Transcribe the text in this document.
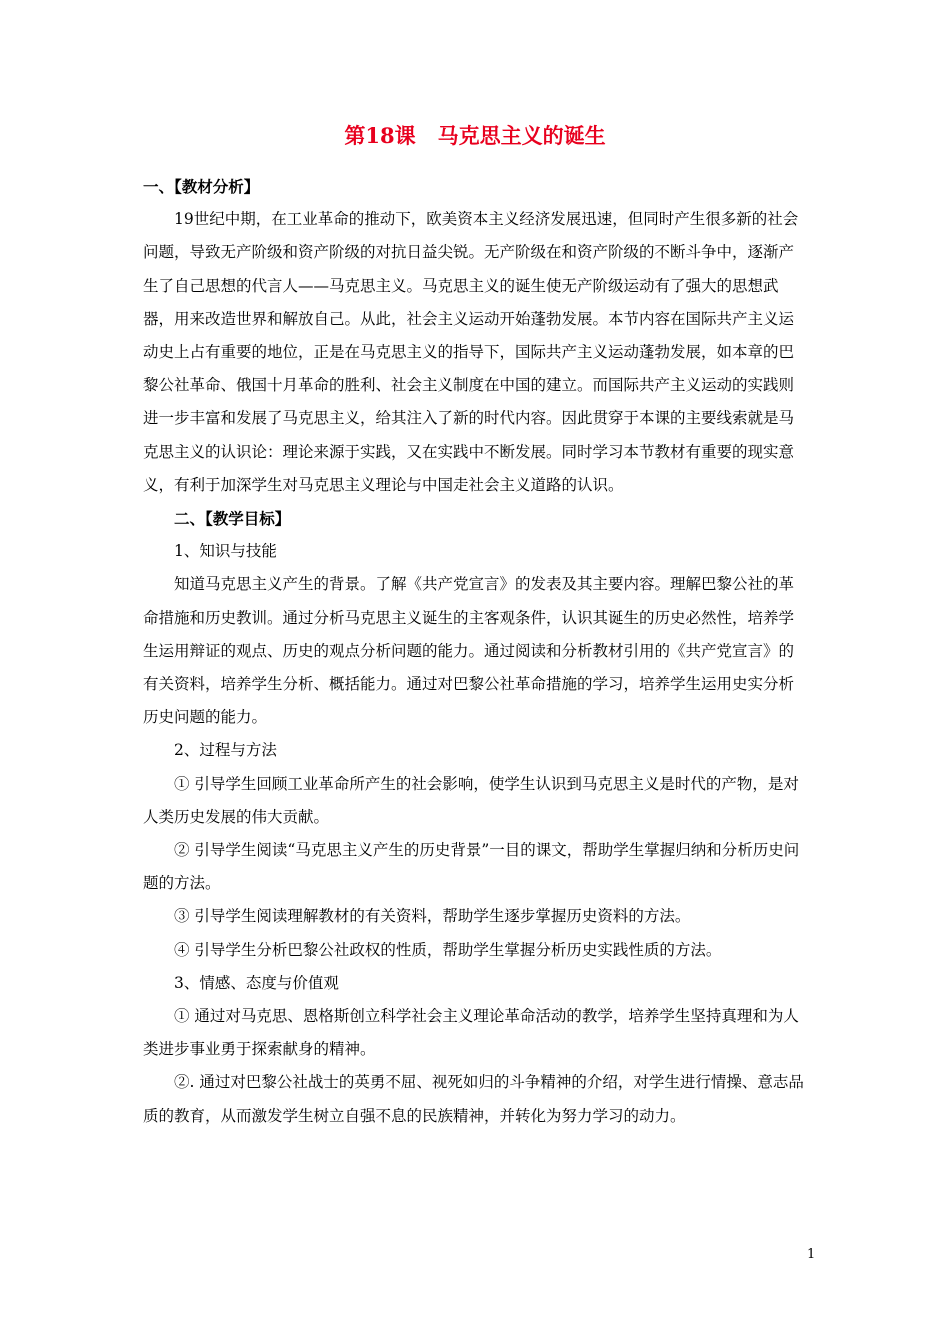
第18课 马克思主义的诞生

一、【教材分析】

19世纪中期，在工业革命的推动下，欧美资本主义经济发展迅速，但同时产生很多新的社会问题，导致无产阶级和资产阶级的对抗日益尖锐。无产阶级在和资产阶级的不断斗争中，逐渐产生了自己思想的代言人——马克思主义。马克思主义的诞生使无产阶级运动有了强大的思想武器，用来改造世界和解放自己。从此，社会主义运动开始蓬勃发展。本节内容在国际共产主义运动史上占有重要的地位，正是在马克思主义的指导下，国际共产主义运动蓬勃发展，如本章的巴黎公社革命、俄国十月革命的胜利、社会主义制度在中国的建立。而国际共产主义运动的实践则进一步丰富和发展了马克思主义，给其注入了新的时代内容。因此贯穿于本课的主要线索就是马克思主义的认识论：理论来源于实践，又在实践中不断发展。同时学习本节教材有重要的现实意义，有利于加深学生对马克思主义理论与中国走社会主义道路的认识。

二、【教学目标】

1、知识与技能

知道马克思主义产生的背景。了解《共产党宣言》的发表及其主要内容。理解巴黎公社的革命措施和历史教训。通过分析马克思主义诞生的主客观条件，认识其诞生的历史必然性，培养学生运用辩证的观点、历史的观点分析问题的能力。通过阅读和分析教材引用的《共产党宣言》的有关资料，培养学生分析、概括能力。通过对巴黎公社革命措施的学习，培养学生运用史实分析历史问题的能力。

2、过程与方法

① 引导学生回顾工业革命所产生的社会影响，使学生认识到马克思主义是时代的产物，是对人类历史发展的伟大贡献。

② 引导学生阅读“马克思主义产生的历史背景”一目的课文，帮助学生掌握归纳和分析历史问题的方法。

③ 引导学生阅读理解教材的有关资料，帮助学生逐步掌握历史资料的方法。

④ 引导学生分析巴黎公社政权的性质，帮助学生掌握分析历史实践性质的方法。

3、情感、态度与价值观

① 通过对马克思、恩格斯创立科学社会主义理论革命活动的教学，培养学生坚持真理和为人类进步事业勇于探索献身的精神。

②. 通过对巴黎公社战士的英勇不屈、视死如归的斗争精神的介绍，对学生进行情操、意志品质的教育，从而激发学生树立自强不息的民族精神，并转化为努力学习的动力。

1
